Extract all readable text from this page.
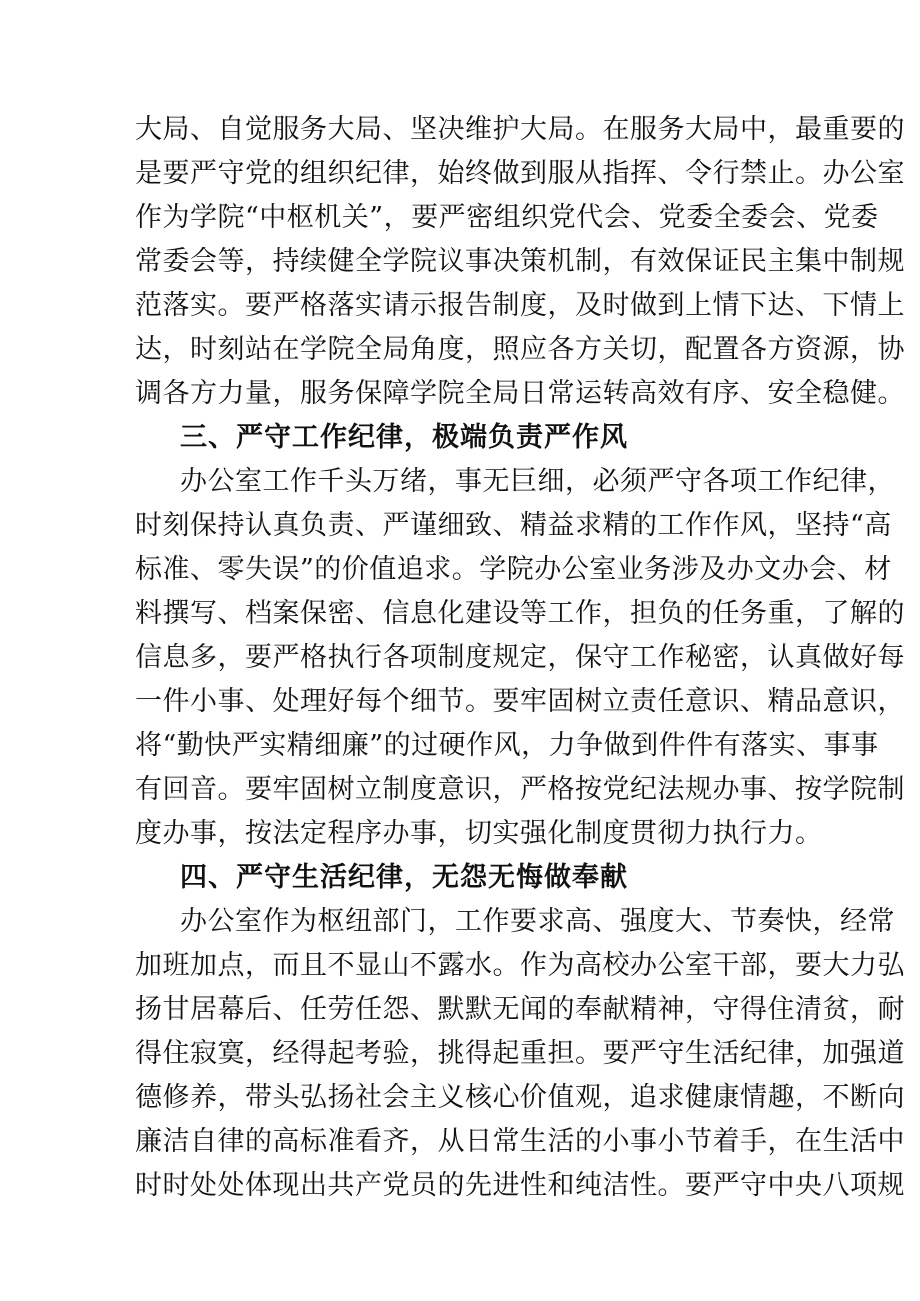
大局、自觉服务大局、坚决维护大局。在服务大局中，最重要的
是要严守党的组织纪律，始终做到服从指挥、令行禁止。办公室
作为学院“中枢机关”，要严密组织党代会、党委全委会、党委
常委会等，持续健全学院议事决策机制，有效保证民主集中制规
范落实。要严格落实请示报告制度，及时做到上情下达、下情上
达，时刻站在学院全局角度，照应各方关切，配置各方资源，协
调各方力量，服务保障学院全局日常运转高效有序、安全稳健。
三、严守工作纪律，极端负责严作风
办公室工作千头万绪，事无巨细，必须严守各项工作纪律，
时刻保持认真负责、严谨细致、精益求精的工作作风，坚持“高
标准、零失误”的价值追求。学院办公室业务涉及办文办会、材
料撰写、档案保密、信息化建设等工作，担负的任务重，了解的
信息多，要严格执行各项制度规定，保守工作秘密，认真做好每
一件小事、处理好每个细节。要牢固树立责任意识、精品意识，
将“勤快严实精细廉”的过硬作风，力争做到件件有落实、事事
有回音。要牢固树立制度意识，严格按党纪法规办事、按学院制
度办事，按法定程序办事，切实强化制度贯彻力执行力。
四、严守生活纪律，无怨无悔做奉献
办公室作为枢纽部门，工作要求高、强度大、节奏快，经常
加班加点，而且不显山不露水。作为高校办公室干部，要大力弘
扬甘居幕后、任劳任怨、默默无闻的奉献精神，守得住清贫，耐
得住寂寞，经得起考验，挑得起重担。要严守生活纪律，加强道
德修养，带头弘扬社会主义核心价值观，追求健康情趣，不断向
廉洁自律的高标准看齐，从日常生活的小事小节着手，在生活中
时时处处体现出共产党员的先进性和纯洁性。要严守中央八项规
